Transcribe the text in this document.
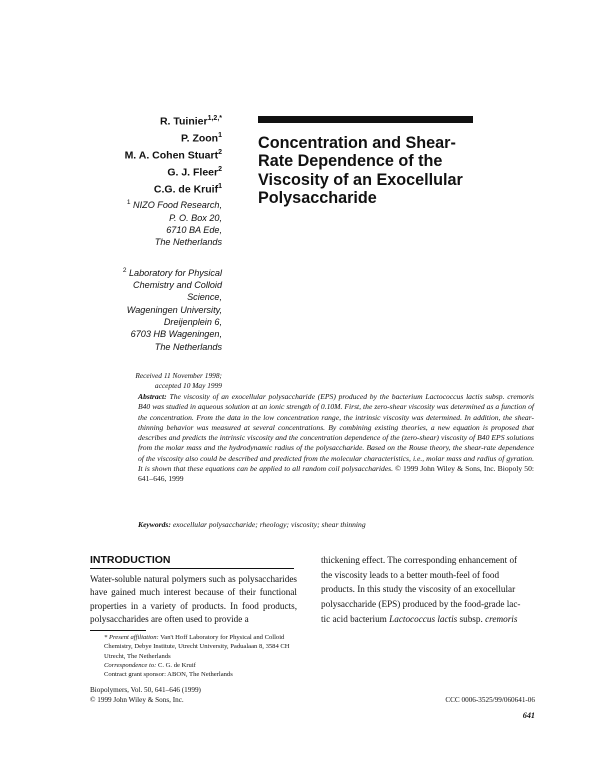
R. Tuinier$^{1,2,*}$
P. Zoon$^1$
M. A. Cohen Stuart$^2$
G. J. Fleer$^2$
C.G. de Kruif$^1$
$^1$ NIZO Food Research,
P. O. Box 20,
6710 BA Ede,
The Netherlands
$^2$ Laboratory for Physical
Chemistry and Colloid
Science,
Wageningen University,
Dreijenplein 6,
6703 HB Wageningen,
The Netherlands
Received 11 November 1998;
accepted 10 May 1999
Concentration and Shear-
Rate Dependence of the
Viscosity of an Exocellular
Polysaccharide
Abstract: The viscosity of an exocellular polysaccharide (EPS) produced by the bacterium Lactococcus lactis subsp. cremoris B40 was studied in aqueous solution at an ionic strength of 0.10M. First, the zero-shear viscosity was determined as a function of the concentration. From the data in the low concentration range, the intrinsic viscosity was determined. In addition, the shear-thinning behavior was measured at several concentrations. By combining existing theories, a new equation is proposed that describes and predicts the intrinsic viscosity and the concentration dependence of the (zero-shear) viscosity of B40 EPS solutions from the molar mass and the hydrodynamic radius of the polysaccharide. Based on the Rouse theory, the shear-rate dependence of the viscosity also could be described and predicted from the molecular characteristics, i.e., molar mass and radius of gyration. It is shown that these equations can be applied to all random coil polysaccharides. © 1999 John Wiley & Sons, Inc. Biopoly 50: 641–646, 1999
Keywords: exocellular polysaccharide; rheology; viscosity; shear thinning
INTRODUCTION
Water-soluble natural polymers such as polysaccharides have gained much interest because of their functional properties in a variety of products. In food products, polysaccharides are often used to provide a
thickening effect. The corresponding enhancement of
the viscosity leads to a better mouth-feel of food
products. In this study the viscosity of an exocellular
polysaccharide (EPS) produced by the food-grade lac-
tic acid bacterium Lactococcus lactis subsp. cremoris
* Present affiliation: Van't Hoff Laboratory for Physical and Colloid Chemistry, Debye Institute, Utrecht University, Padualaan 8, 3584 CH Utrecht, The Netherlands
Correspondence to: C. G. de Kruif
Contract grant sponsor: ABON, The Netherlands
Biopolymers, Vol. 50, 641–646 (1999)
© 1999 John Wiley & Sons, Inc.	CCC 0006-3525/99/060641-06
641
